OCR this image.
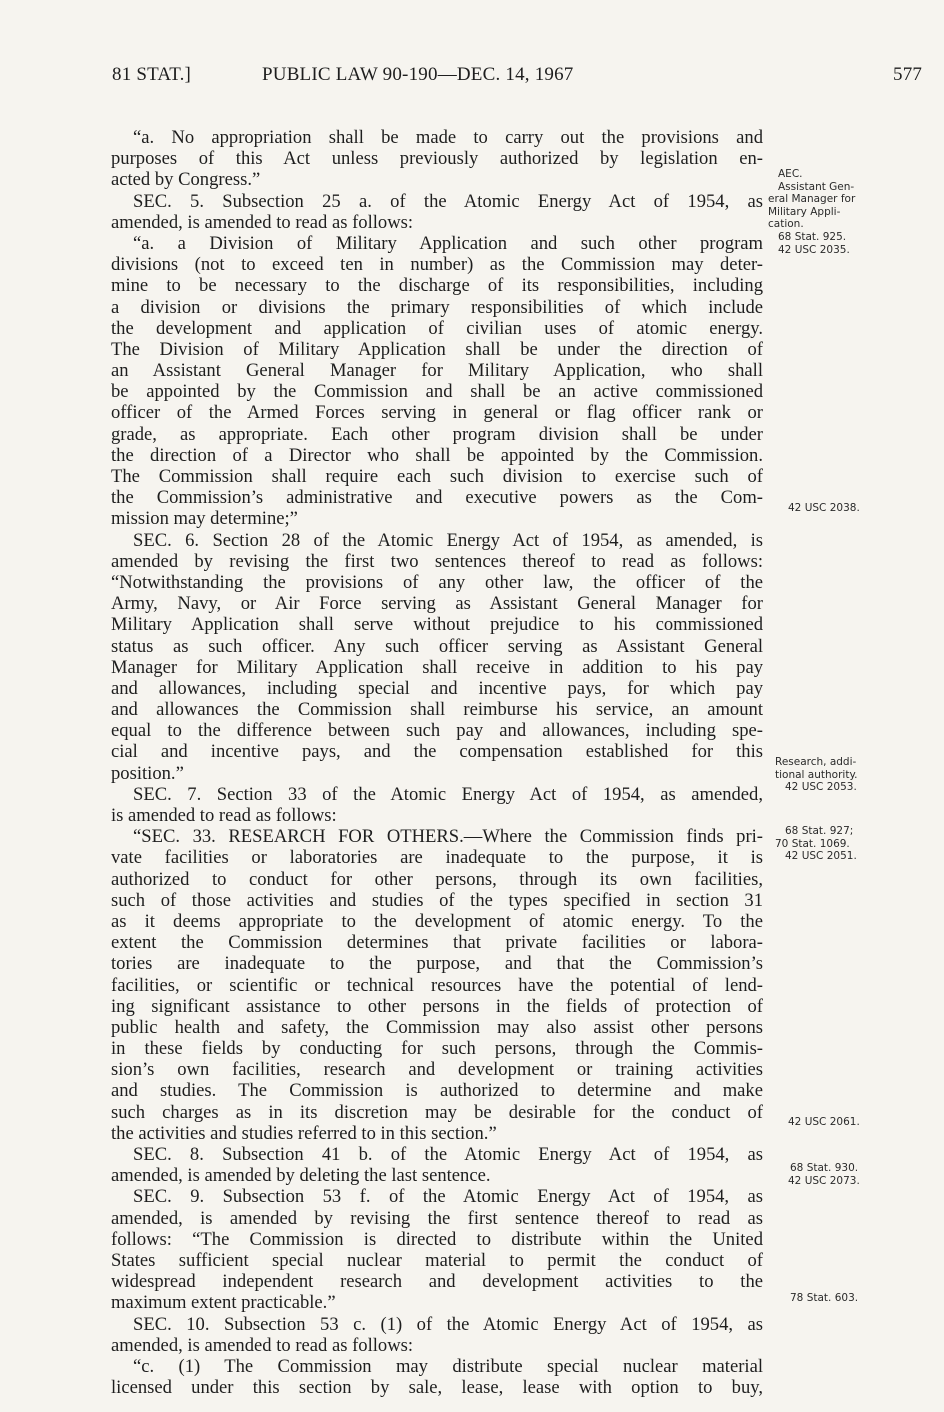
81 STAT.]	PUBLIC LAW 90-190—DEC. 14, 1967	577
“a. No appropriation shall be made to carry out the provisions and
purposes of this Act unless previously authorized by legislation en-
acted by Congress.”
SEC. 5. Subsection 25 a. of the Atomic Energy Act of 1954, as
amended, is amended to read as follows:
“a. a Division of Military Application and such other program
divisions (not to exceed ten in number) as the Commission may deter-
mine to be necessary to the discharge of its responsibilities, including
a division or divisions the primary responsibilities of which include
the development and application of civilian uses of atomic energy.
The Division of Military Application shall be under the direction of
an Assistant General Manager for Military Application, who shall
be appointed by the Commission and shall be an active commissioned
officer of the Armed Forces serving in general or flag officer rank or
grade, as appropriate. Each other program division shall be under
the direction of a Director who shall be appointed by the Commission.
The Commission shall require each such division to exercise such of
the Commission’s administrative and executive powers as the Com-
mission may determine;”
SEC. 6. Section 28 of the Atomic Energy Act of 1954, as amended, is
amended by revising the first two sentences thereof to read as follows:
“Notwithstanding the provisions of any other law, the officer of the
Army, Navy, or Air Force serving as Assistant General Manager for
Military Application shall serve without prejudice to his commissioned
status as such officer. Any such officer serving as Assistant General
Manager for Military Application shall receive in addition to his pay
and allowances, including special and incentive pays, for which pay
and allowances the Commission shall reimburse his service, an amount
equal to the difference between such pay and allowances, including spe-
cial and incentive pays, and the compensation established for this
position.”
SEC. 7. Section 33 of the Atomic Energy Act of 1954, as amended,
is amended to read as follows:
“SEC. 33. RESEARCH FOR OTHERS.—Where the Commission finds pri-
vate facilities or laboratories are inadequate to the purpose, it is
authorized to conduct for other persons, through its own facilities,
such of those activities and studies of the types specified in section 31
as it deems appropriate to the development of atomic energy. To the
extent the Commission determines that private facilities or labora-
tories are inadequate to the purpose, and that the Commission’s
facilities, or scientific or technical resources have the potential of lend-
ing significant assistance to other persons in the fields of protection of
public health and safety, the Commission may also assist other persons
in these fields by conducting for such persons, through the Commis-
sion’s own facilities, research and development or training activities
and studies. The Commission is authorized to determine and make
such charges as in its discretion may be desirable for the conduct of
the activities and studies referred to in this section.”
SEC. 8. Subsection 41 b. of the Atomic Energy Act of 1954, as
amended, is amended by deleting the last sentence.
SEC. 9. Subsection 53 f. of the Atomic Energy Act of 1954, as
amended, is amended by revising the first sentence thereof to read as
follows: “The Commission is directed to distribute within the United
States sufficient special nuclear material to permit the conduct of
widespread independent research and development activities to the
maximum extent practicable.”
SEC. 10. Subsection 53 c. (1) of the Atomic Energy Act of 1954, as
amended, is amended to read as follows:
“c. (1) The Commission may distribute special nuclear material
licensed under this section by sale, lease, lease with option to buy,
AEC.
Assistant Gen-
eral Manager for
Military Appli-
cation.
68 Stat. 925.
42 USC 2035.
42 USC 2038.
Research, addi-
tional authority.
42 USC 2053.
68 Stat. 927;
70 Stat. 1069.
42 USC 2051.
42 USC 2061.
68 Stat. 930.
42 USC 2073.
78 Stat. 603.
